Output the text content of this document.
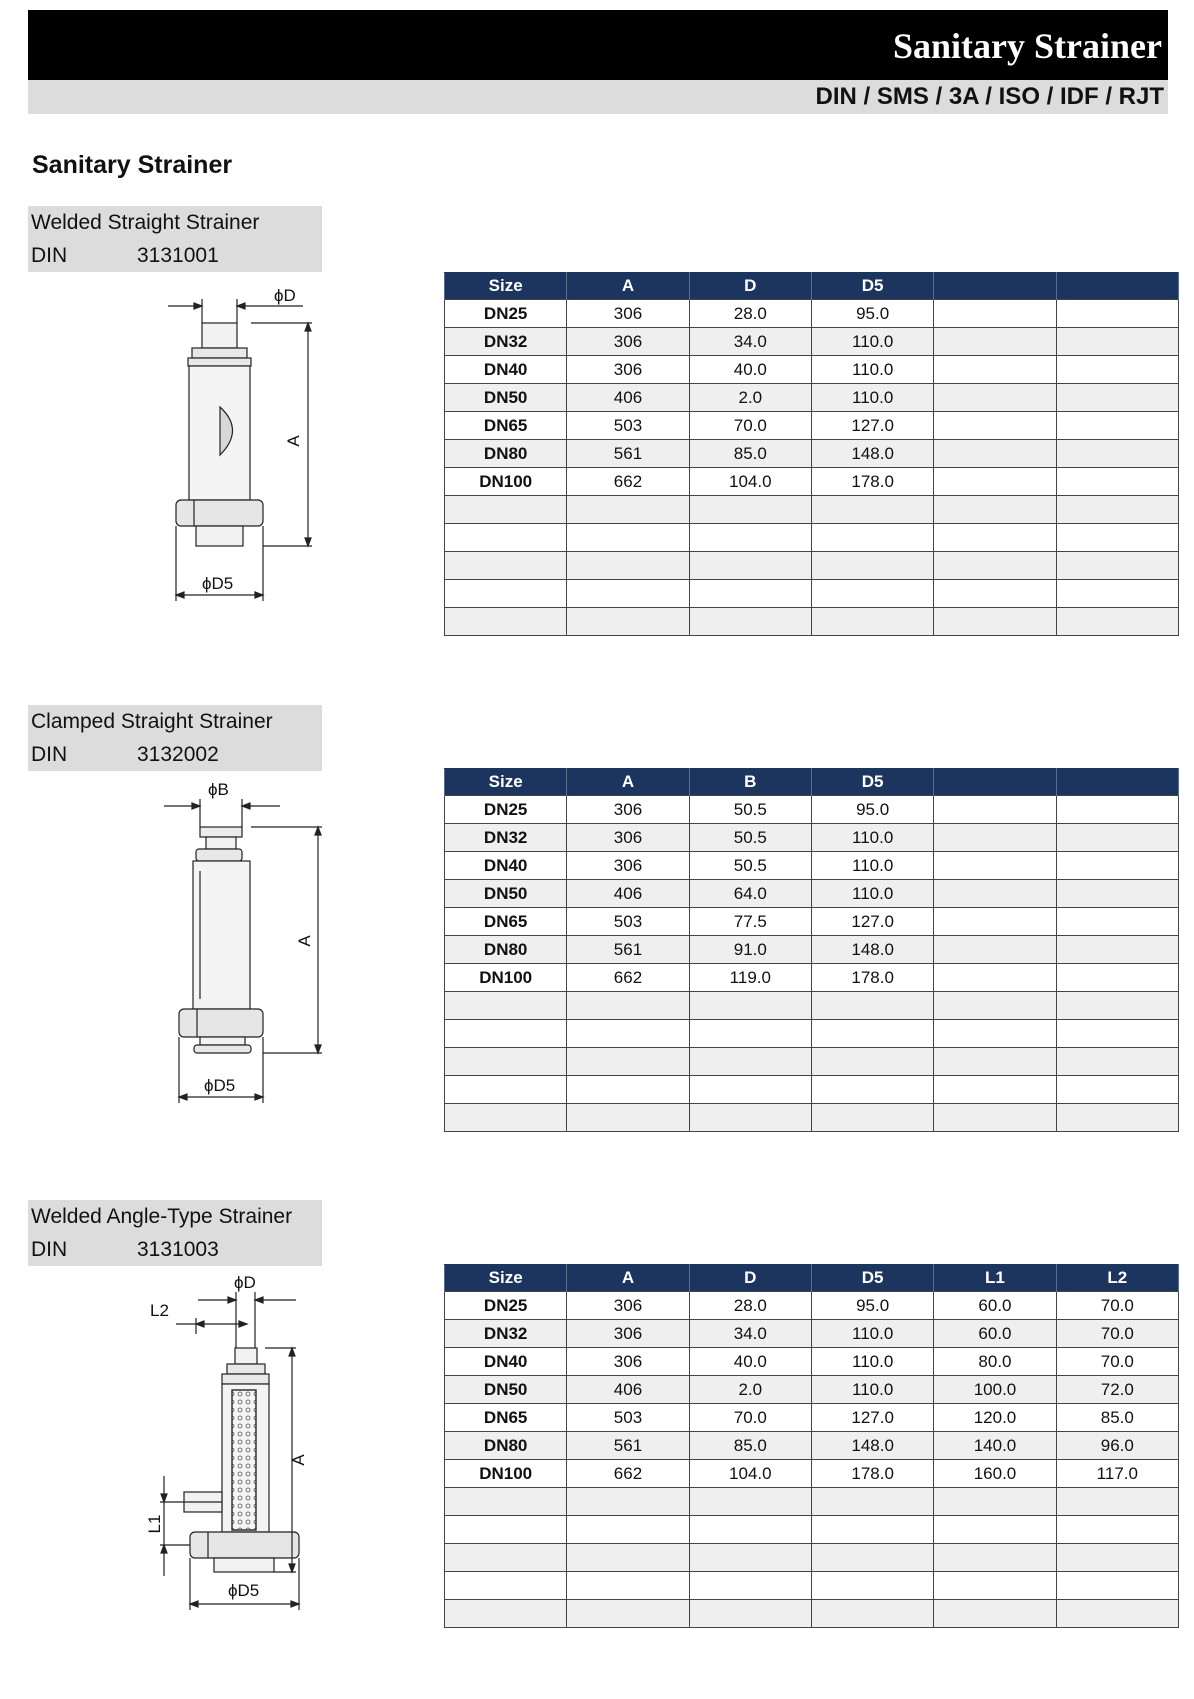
Sanitary Strainer
DIN / SMS / 3A / ISO / IDF / RJT
Sanitary Strainer
Welded Straight Strainer
DIN	3131001
ϕD
A
ϕD5
Size	A	D	D5		
DN25	306	28.0	95.0		
DN32	306	34.0	110.0		
DN40	306	40.0	110.0		
DN50	406	2.0	110.0		
DN65	503	70.0	127.0		
DN80	561	85.0	148.0		
DN100	662	104.0	178.0		

Clamped Straight Strainer
DIN	3132002
ϕB
A
ϕD5
Size	A	B	D5		
DN25	306	50.5	95.0		
DN32	306	50.5	110.0		
DN40	306	50.5	110.0		
DN50	406	64.0	110.0		
DN65	503	77.5	127.0		
DN80	561	91.0	148.0		
DN100	662	119.0	178.0		

Welded Angle-Type Strainer
DIN	3131003
ϕD
L2
A
L1
ϕD5
Size	A	D	D5	L1	L2
DN25	306	28.0	95.0	60.0	70.0
DN32	306	34.0	110.0	60.0	70.0
DN40	306	40.0	110.0	80.0	70.0
DN50	406	2.0	110.0	100.0	72.0
DN65	503	70.0	127.0	120.0	85.0
DN80	561	85.0	148.0	140.0	96.0
DN100	662	104.0	178.0	160.0	117.0
